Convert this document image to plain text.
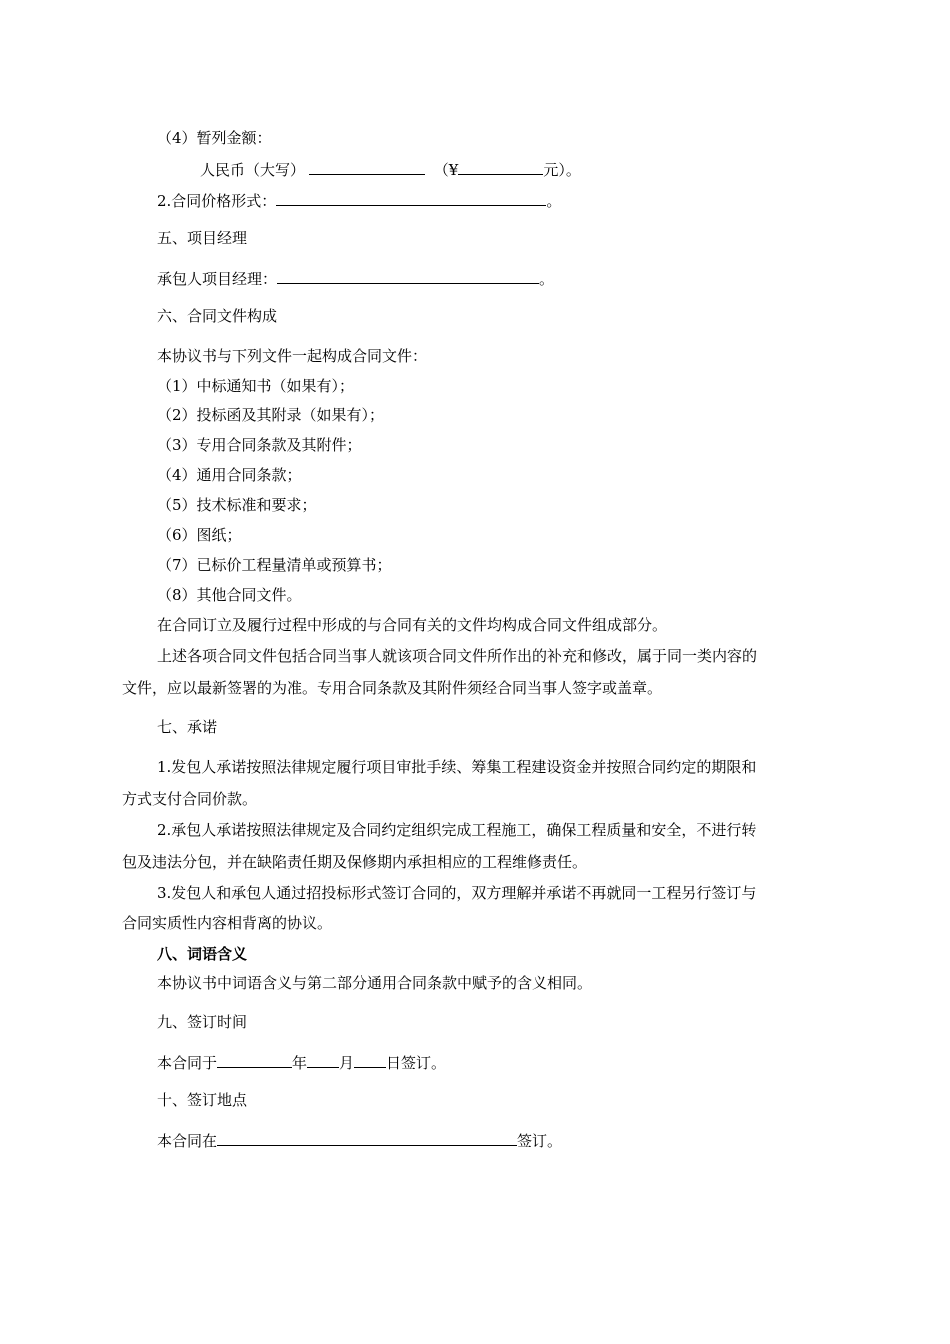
（4）暂列金额：
人民币（大写）	（¥	元）。
2.合同价格形式：	。
五、项目经理
承包人项目经理：	。
六、合同文件构成
本协议书与下列文件一起构成合同文件：
（1）中标通知书（如果有）；
（2）投标函及其附录（如果有）；
（3）专用合同条款及其附件；
（4）通用合同条款；
（5）技术标准和要求；
（6）图纸；
（7）已标价工程量清单或预算书；
（8）其他合同文件。
在合同订立及履行过程中形成的与合同有关的文件均构成合同文件组成部分。
上述各项合同文件包括合同当事人就该项合同文件所作出的补充和修改，属于同一类内容的
文件，应以最新签署的为准。专用合同条款及其附件须经合同当事人签字或盖章。
七、承诺
1.发包人承诺按照法律规定履行项目审批手续、筹集工程建设资金并按照合同约定的期限和
方式支付合同价款。
2.承包人承诺按照法律规定及合同约定组织完成工程施工，确保工程质量和安全，不进行转
包及违法分包，并在缺陷责任期及保修期内承担相应的工程维修责任。
3.发包人和承包人通过招投标形式签订合同的，双方理解并承诺不再就同一工程另行签订与
合同实质性内容相背离的协议。
八、词语含义
本协议书中词语含义与第二部分通用合同条款中赋予的含义相同。
九、签订时间
本合同于	年 月 日签订。
十、签订地点
本合同在	签订。
